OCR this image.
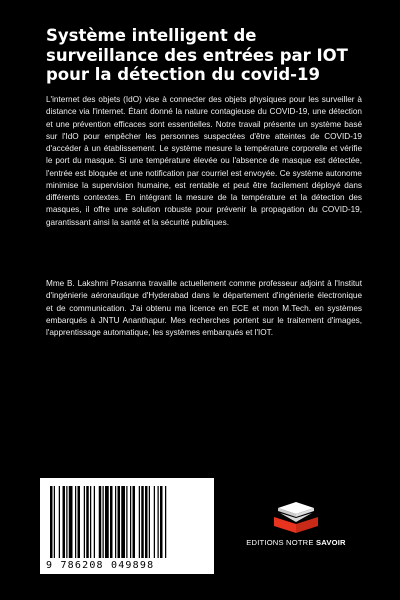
Système intelligent de
surveillance des entrées par IOT
pour la détection du covid-19

L'internet des objets (IdO) vise à connecter des objets physiques pour les surveiller à distance via l'internet. Étant donné la nature contagieuse du COVID-19, une détection et une prévention efficaces sont essentielles. Notre travail présente un système basé sur l'IdO pour empêcher les personnes suspectées d'être atteintes de COVID-19 d'accéder à un établissement. Le système mesure la température corporelle et vérifie le port du masque. Si une température élevée ou l'absence de masque est détectée, l'entrée est bloquée et une notification par courriel est envoyée. Ce système autonome minimise la supervision humaine, est rentable et peut être facilement déployé dans différents contextes. En intégrant la mesure de la température et la détection des masques, il offre une solution robuste pour prévenir la propagation du COVID-19, garantissant ainsi la santé et la sécurité publiques.

Mme B. Lakshmi Prasanna travaille actuellement comme professeur adjoint à l'Institut d'ingénierie aéronautique d'Hyderabad dans le département d'ingénierie électronique et de communication. J'ai obtenu ma licence en ECE et mon M.Tech. en systèmes embarqués à JNTU Ananthapur. Mes recherches portent sur le traitement d'images, l'apprentissage automatique, les systèmes embarqués et l'IOT.

9 786208 049898
EDITIONS NOTRE SAVOIR
